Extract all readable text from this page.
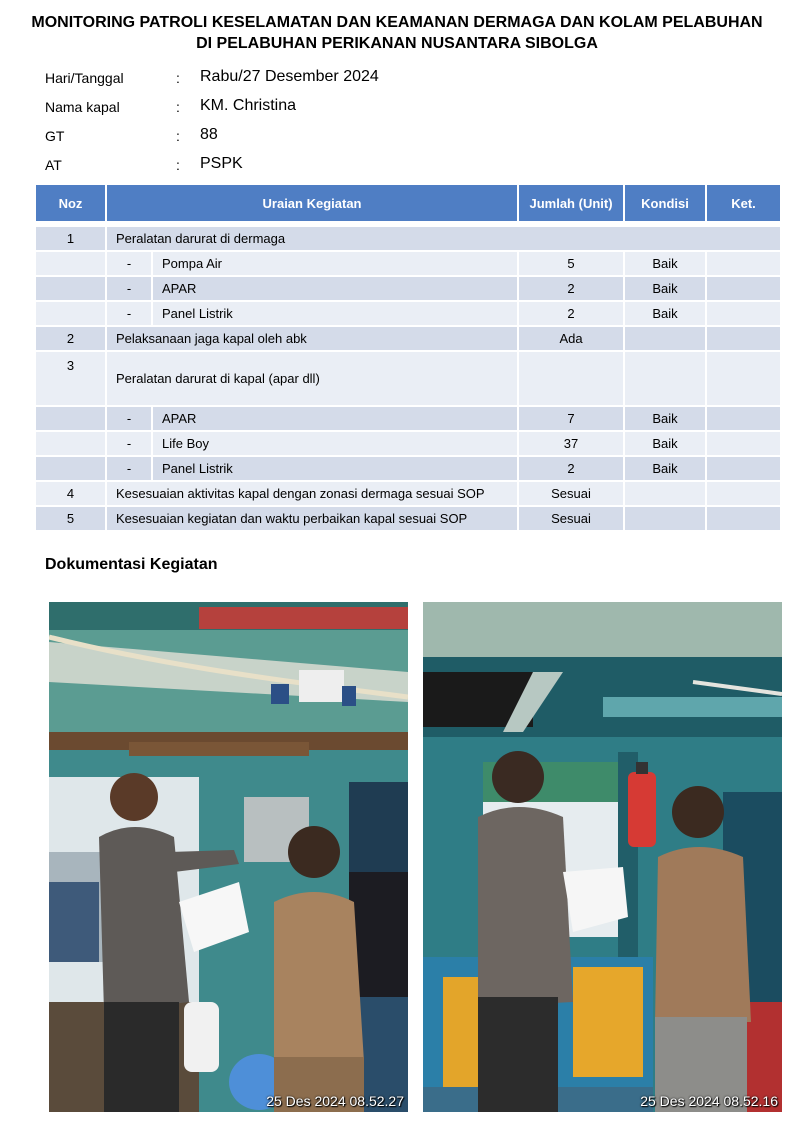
MONITORING PATROLI KESELAMATAN DAN KEAMANAN DERMAGA DAN KOLAM PELABUHAN
DI PELABUHAN PERIKANAN NUSANTARA SIBOLGA
Hari/Tanggal	: Rabu/27 Desember 2024
Nama kapal	: KM. Christina
GT	: 88
AT	: PSPK
Noz	Uraian Kegiatan		Jumlah (Unit)	Kondisi	Ket.

1	Peralatan darurat di dermaga				
	-	Pompa Air	5	Baik	
	-	APAR	2	Baik	
	-	Panel Listrik	2	Baik	
2	Pelaksanaan jaga kapal oleh abk		Ada		
3	Peralatan darurat di kapal (apar dll)				
	-	APAR	7	Baik	
	-	Life Boy	37	Baik	
	-	Panel Listrik	2	Baik	
4	Kesesuaian aktivitas kapal dengan zonasi dermaga sesuai SOP		Sesuai		
5	Kesesuaian kegiatan dan waktu perbaikan kapal sesuai SOP		Sesuai		
Dokumentasi Kegiatan
25 Des 2024 08.52.27	25 Des 2024 08.52.16
